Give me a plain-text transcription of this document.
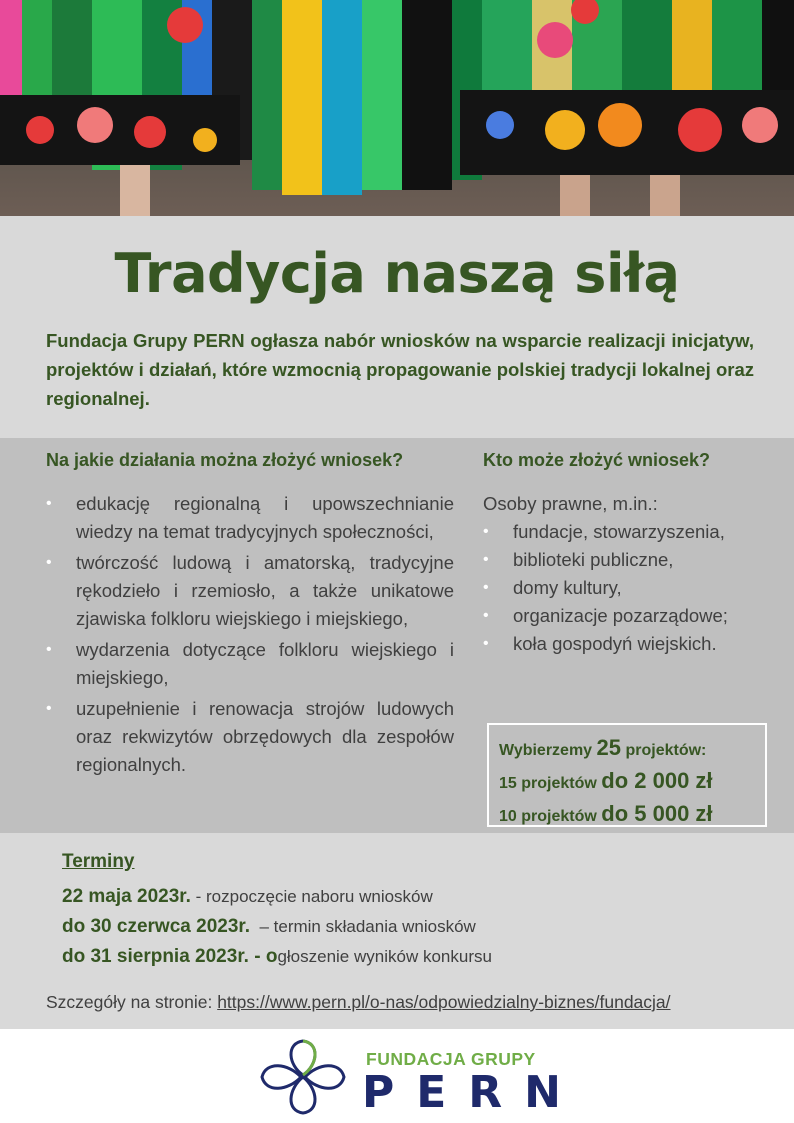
Tradycja naszą siłą
Fundacja Grupy PERN ogłasza nabór wniosków na wsparcie realizacji inicjatyw, projektów i działań, które wzmocnią propagowanie polskiej tradycji lokalnej oraz regionalnej.
Na jakie działania można złożyć wniosek?	Kto może złożyć wniosek?
• edukację regionalną i upowszechnianie wiedzy na temat tradycyjnych społeczności,
• twórczość ludową i amatorską, tradycyjne rękodzieło i rzemiosło, a także unikatowe zjawiska folkloru wiejskiego i miejskiego,
• wydarzenia dotyczące folkloru wiejskiego i miejskiego,
• uzupełnienie i renowacja strojów ludowych oraz rekwizytów obrzędowych dla zespołów regionalnych.
Osoby prawne, m.in.:
• fundacje, stowarzyszenia,
• biblioteki publiczne,
• domy kultury,
• organizacje pozarządowe;
• koła gospodyń wiejskich.
Wybierzemy 25 projektów:
15 projektów do 2 000 zł
10 projektów do 5 000 zł
Terminy
22 maja 2023r. - rozpoczęcie naboru wniosków
do 30 czerwca 2023r.  – termin składania wniosków
do 31 sierpnia 2023r. - ogłoszenie wyników konkursu
Szczegóły na stronie: https://www.pern.pl/o-nas/odpowiedzialny-biznes/fundacja/
FUNDACJA GRUPY
PERN
